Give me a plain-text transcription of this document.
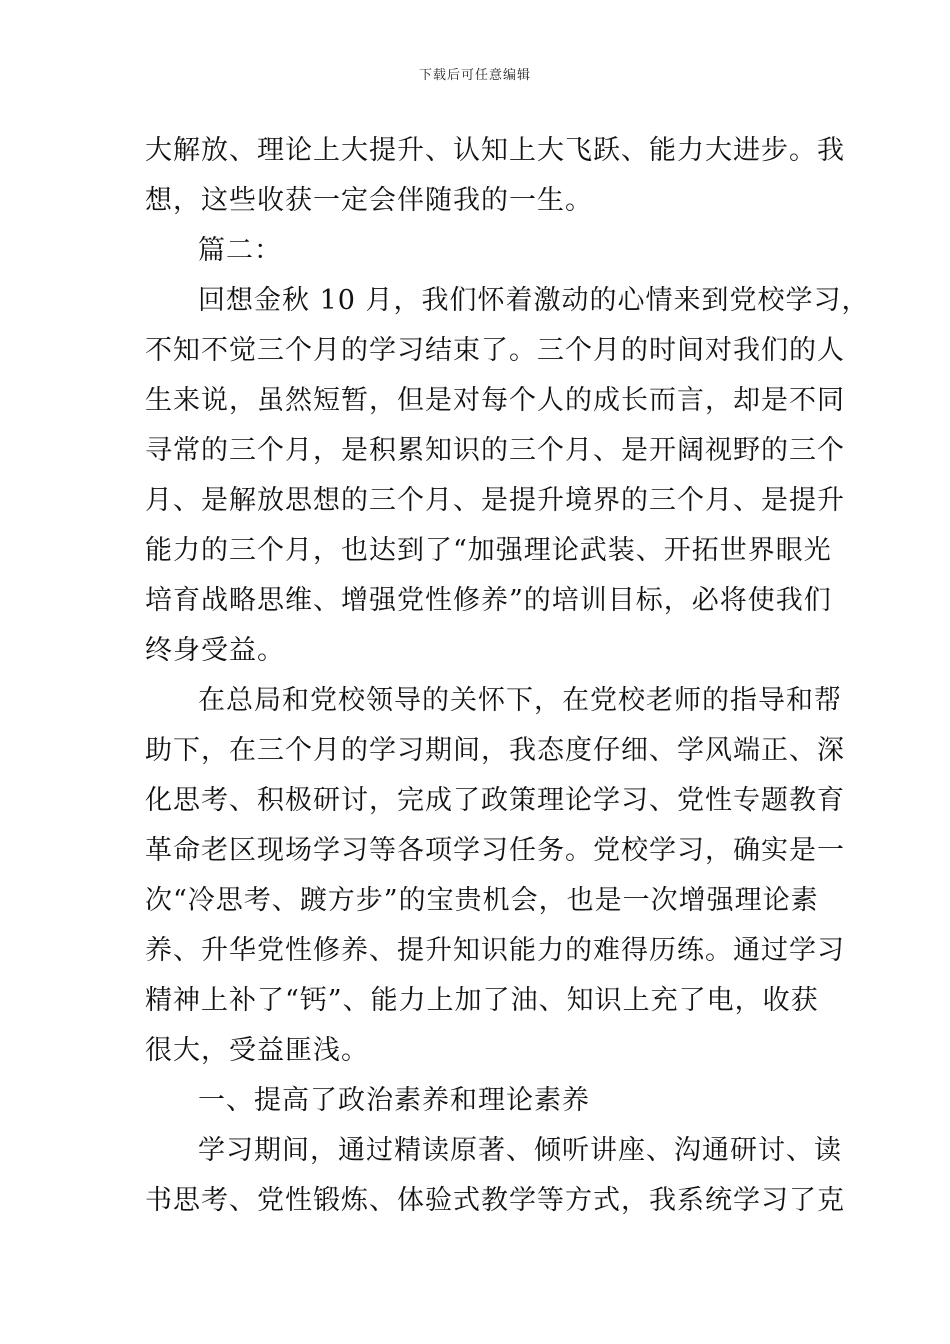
下载后可任意编辑
大解放、理论上大提升、认知上大飞跃、能力大进步。我
想，这些收获一定会伴随我的一生。
篇二：
回想金秋 10 月，我们怀着激动的心情来到党校学习，
不知不觉三个月的学习结束了。三个月的时间对我们的人
生来说，虽然短暂，但是对每个人的成长而言，却是不同
寻常的三个月，是积累知识的三个月、是开阔视野的三个
月、是解放思想的三个月、是提升境界的三个月、是提升
能力的三个月，也达到了“加强理论武装、开拓世界眼光
培育战略思维、增强党性修养”的培训目标，必将使我们
终身受益。
在总局和党校领导的关怀下，在党校老师的指导和帮
助下，在三个月的学习期间，我态度仔细、学风端正、深
化思考、积极研讨，完成了政策理论学习、党性专题教育
革命老区现场学习等各项学习任务。党校学习，确实是一
次“冷思考、踱方步”的宝贵机会，也是一次增强理论素
养、升华党性修养、提升知识能力的难得历练。通过学习
精神上补了“钙”、能力上加了油、知识上充了电，收获
很大，受益匪浅。
一、提高了政治素养和理论素养
学习期间，通过精读原著、倾听讲座、沟通研讨、读
书思考、党性锻炼、体验式教学等方式，我系统学习了克
